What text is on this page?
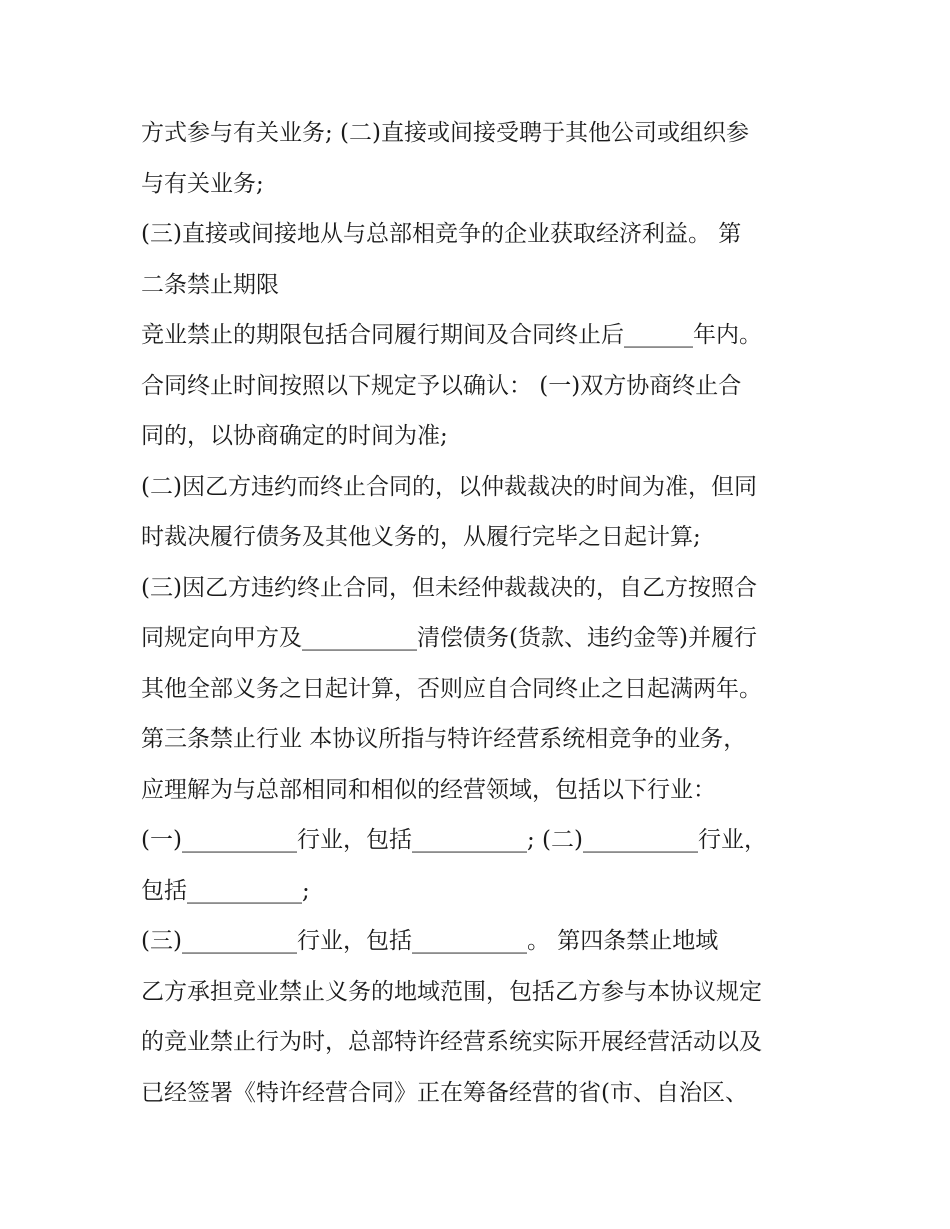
方式参与有关业务; (二)直接或间接受聘于其他公司或组织参
与有关业务;
(三)直接或间接地从与总部相竞争的企业获取经济利益。 第
二条禁止期限
竞业禁止的期限包括合同履行期间及合同终止后______年内。
合同终止时间按照以下规定予以确认： (一)双方协商终止合
同的，以协商确定的时间为准;
(二)因乙方违约而终止合同的，以仲裁裁决的时间为准，但同
时裁决履行债务及其他义务的，从履行完毕之日起计算;
(三)因乙方违约终止合同，但未经仲裁裁决的，自乙方按照合
同规定向甲方及__________清偿债务(货款、违约金等)并履行
其他全部义务之日起计算，否则应自合同终止之日起满两年。
第三条禁止行业 本协议所指与特许经营系统相竞争的业务，
应理解为与总部相同和相似的经营领域，包括以下行业：
(一)__________行业，包括__________; (二)__________行业，
包括__________;
(三)__________行业，包括__________。 第四条禁止地域
乙方承担竞业禁止义务的地域范围，包括乙方参与本协议规定
的竞业禁止行为时，总部特许经营系统实际开展经营活动以及
已经签署《特许经营合同》正在筹备经营的省(市、自治区、
